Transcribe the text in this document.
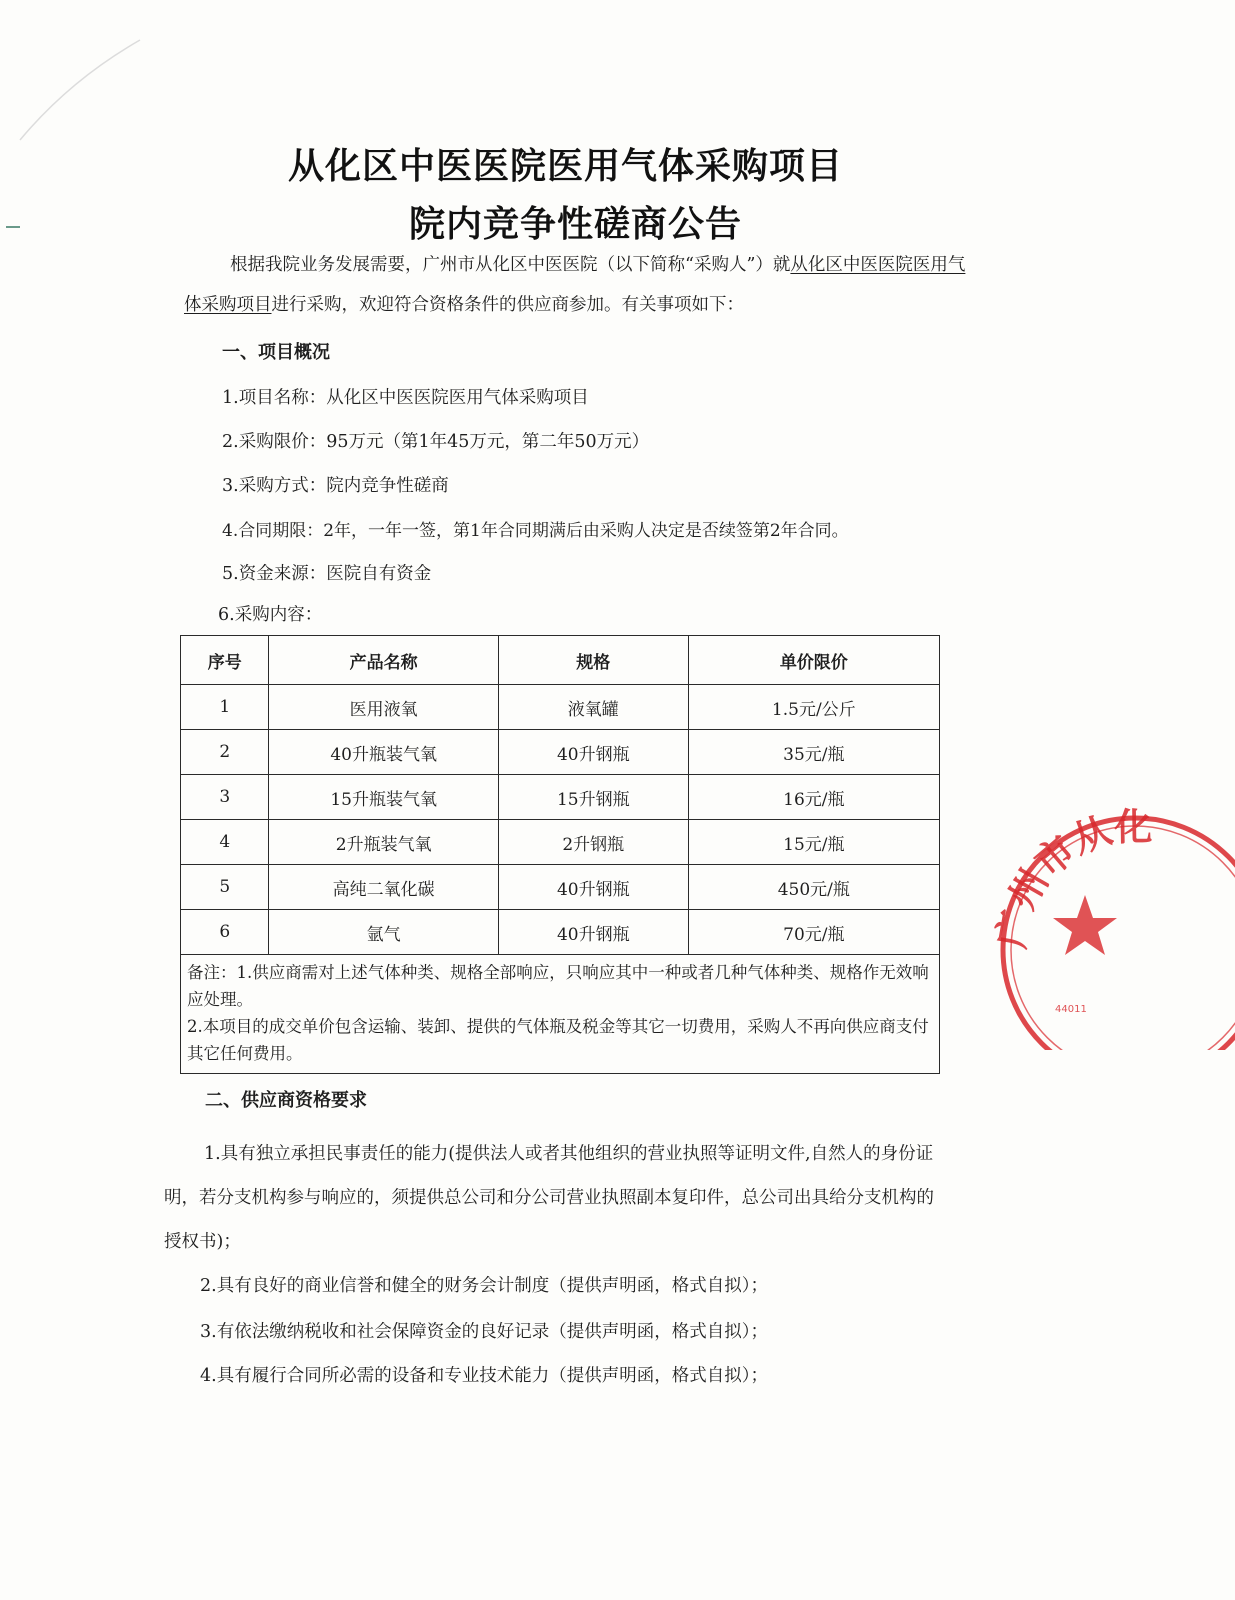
从化区中医医院医用气体采购项目
院内竞争性磋商公告
根据我院业务发展需要，广州市从化区中医医院（以下简称“采购人”）就从化区中医医院医用气体采购项目进行采购，欢迎符合资格条件的供应商参加。有关事项如下：
一、项目概况
1.项目名称：从化区中医医院医用气体采购项目
2.采购限价：95万元（第1年45万元，第二年50万元）
3.采购方式：院内竞争性磋商
4.合同期限：2年，一年一签，第1年合同期满后由采购人决定是否续签第2年合同。
5.资金来源：医院自有资金
6.采购内容：
序号	产品名称	规格	单价限价
1	医用液氧	液氧罐	1.5元/公斤
2	40升瓶装气氧	40升钢瓶	35元/瓶
3	15升瓶装气氧	15升钢瓶	16元/瓶
4	2升瓶装气氧	2升钢瓶	15元/瓶
5	高纯二氧化碳	40升钢瓶	450元/瓶
6	氩气	40升钢瓶	70元/瓶

备注：1.供应商需对上述气体种类、规格全部响应，只响应其中一种或者几种气体种类、规格作无效响应处理。
2.本项目的成交单价包含运输、装卸、提供的气体瓶及税金等其它一切费用，采购人不再向供应商支付其它任何费用。			
二、供应商资格要求
1.具有独立承担民事责任的能力(提供法人或者其他组织的营业执照等证明文件,自然人的身份证明，若分支机构参与响应的，须提供总公司和分公司营业执照副本复印件，总公司出具给分支机构的授权书)；
2.具有良好的商业信誉和健全的财务会计制度（提供声明函，格式自拟）；
3.有依法缴纳税收和社会保障资金的良好记录（提供声明函，格式自拟）；
4.具有履行合同所必需的设备和专业技术能力（提供声明函，格式自拟）；
广州市从化
44011
